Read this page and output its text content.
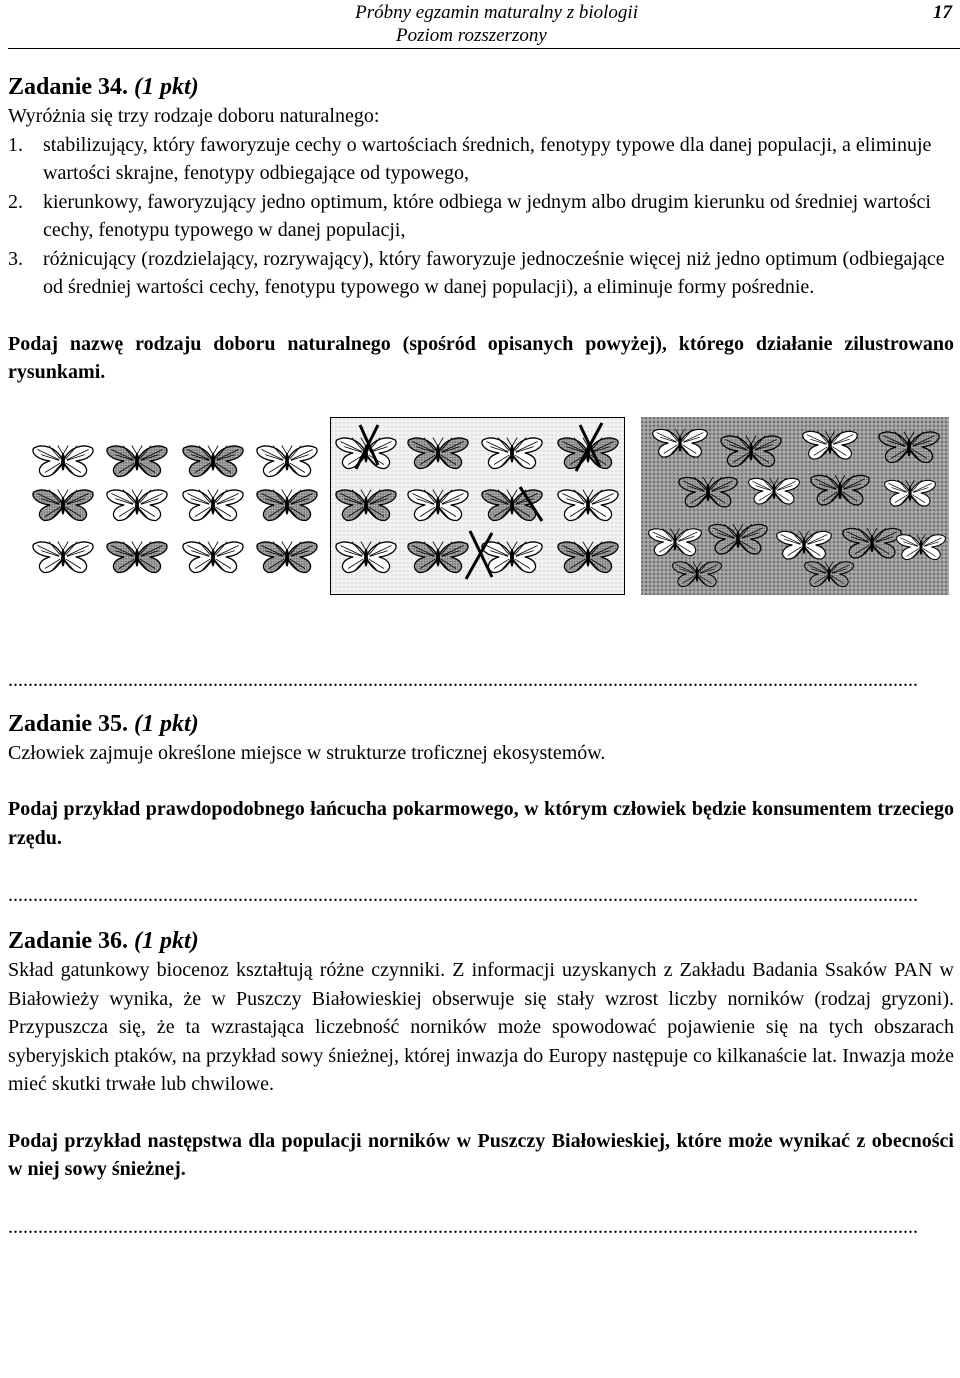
Próbny egzamin maturalny z biologii
Poziom rozszerzony
17
Zadanie 34. (1 pkt)

Wyróżnia się trzy rodzaje doboru naturalnego:

1.	stabilizujący, który faworyzuje cechy o wartościach średnich, fenotypy typowe dla danej populacji, a eliminuje wartości skrajne, fenotypy odbiegające od typowego,
2.	kierunkowy, faworyzujący jedno optimum, które odbiega w jednym albo drugim kierunku od średniej wartości cechy, fenotypu typowego w danej populacji,
3.	różnicujący (rozdzielający, rozrywający), który faworyzuje jednocześnie więcej niż jedno optimum (odbiegające od średniej wartości cechy, fenotypu typowego w danej populacji), a eliminuje formy pośrednie.

Podaj nazwę rodzaju doboru naturalnego (spośród opisanych powyżej), którego działanie zilustrowano rysunkami.

......................................................................................................................................................................................
Zadanie 35. (1 pkt)

Człowiek zajmuje określone miejsce w strukturze troficznej ekosystemów.

Podaj przykład prawdopodobnego łańcucha pokarmowego, w którym człowiek będzie konsumentem trzeciego rzędu.

......................................................................................................................................................................................
Zadanie 36. (1 pkt)

Skład gatunkowy biocenoz kształtują różne czynniki. Z informacji uzyskanych z Zakładu Badania Ssaków PAN w Białowieży wynika, że w Puszczy Białowieskiej obserwuje się stały wzrost liczby norników (rodzaj gryzoni). Przypuszcza się, że ta wzrastająca liczebność norników może spowodować pojawienie się na tych obszarach syberyjskich ptaków, na przykład sowy śnieżnej, której inwazja do Europy następuje co kilkanaście lat. Inwazja może mieć skutki trwałe lub chwilowe.

Podaj przykład następstwa dla populacji norników w Puszczy Białowieskiej, które może wynikać z obecności w niej sowy śnieżnej.

......................................................................................................................................................................................
